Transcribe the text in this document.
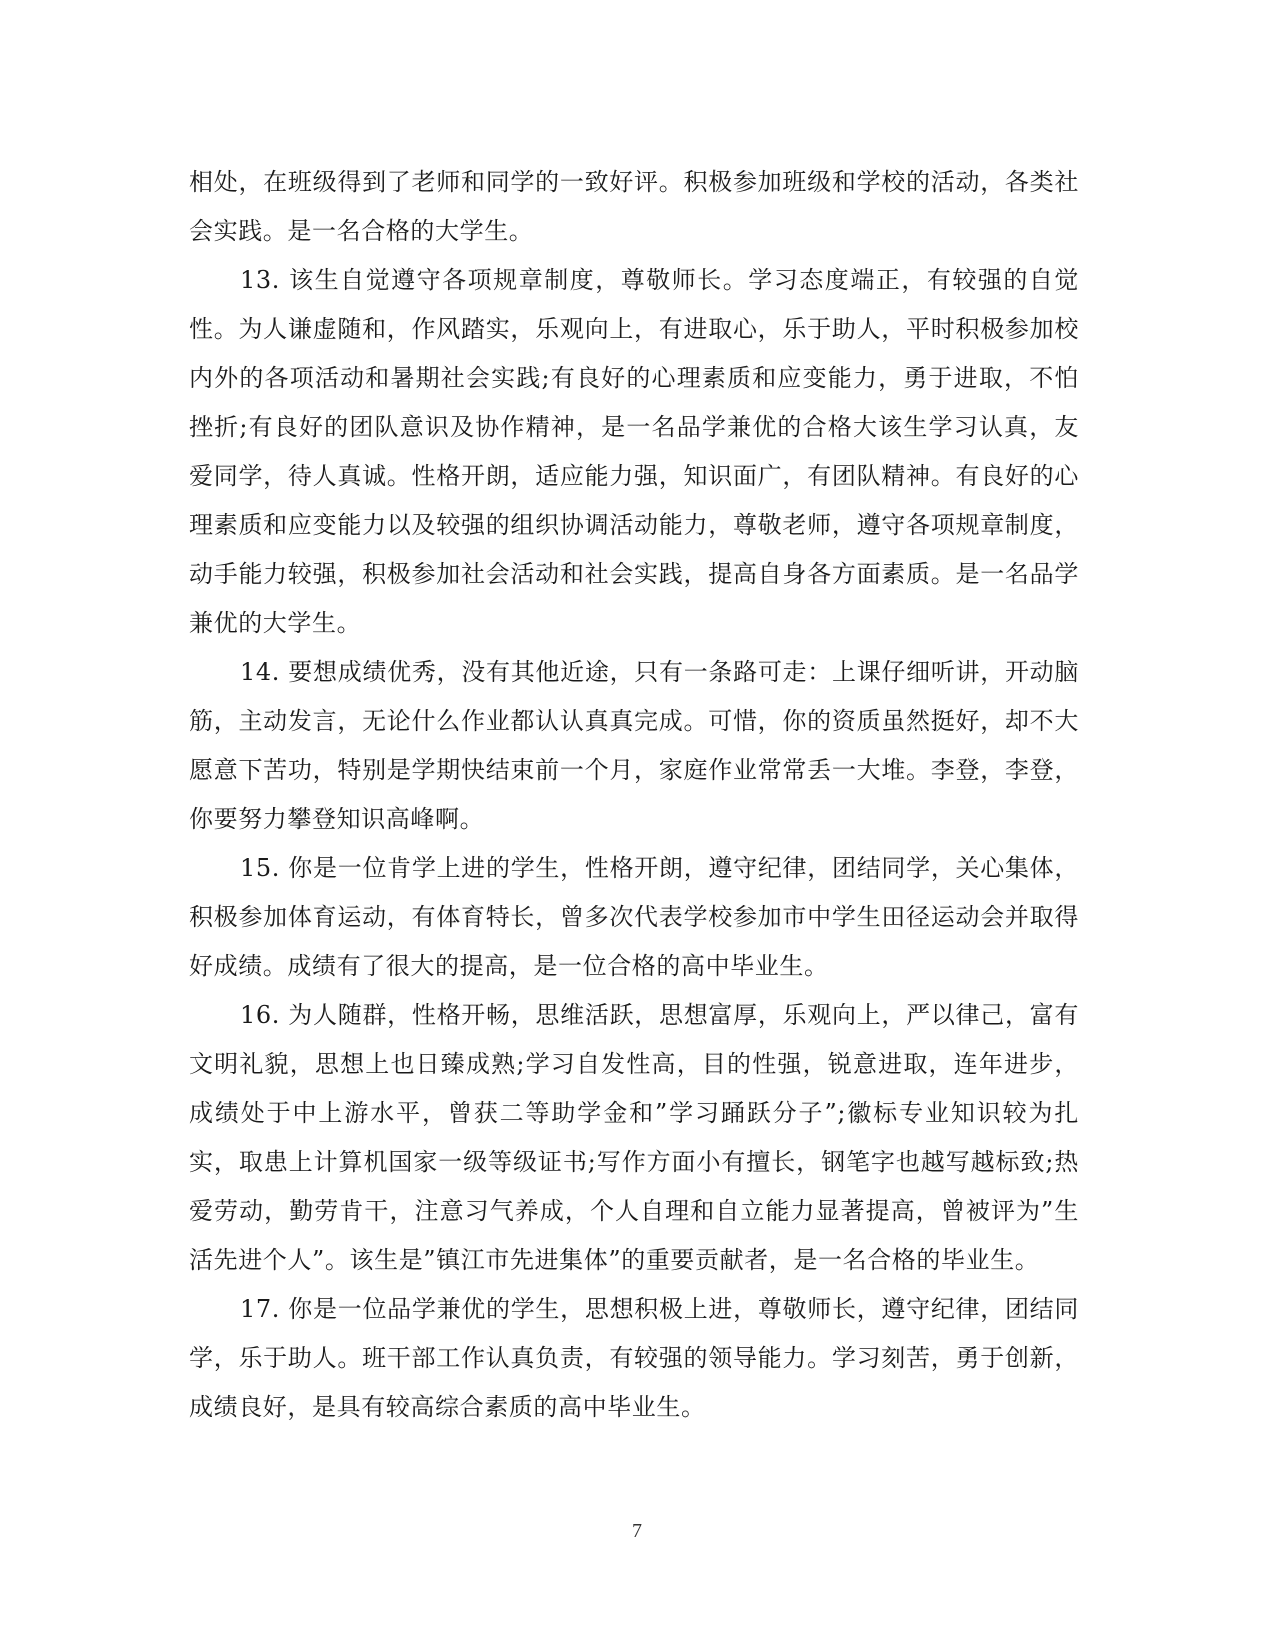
相处，在班级得到了老师和同学的一致好评。积极参加班级和学校的活动，各类社会实践。是一名合格的大学生。

13. 该生自觉遵守各项规章制度，尊敬师长。学习态度端正，有较强的自觉性。为人谦虚随和，作风踏实，乐观向上，有进取心，乐于助人，平时积极参加校内外的各项活动和暑期社会实践;有良好的心理素质和应变能力，勇于进取，不怕挫折;有良好的团队意识及协作精神，是一名品学兼优的合格大该生学习认真，友爱同学，待人真诚。性格开朗，适应能力强，知识面广，有团队精神。有良好的心理素质和应变能力以及较强的组织协调活动能力，尊敬老师，遵守各项规章制度，动手能力较强，积极参加社会活动和社会实践，提高自身各方面素质。是一名品学兼优的大学生。

14. 要想成绩优秀，没有其他近途，只有一条路可走：上课仔细听讲，开动脑筋，主动发言，无论什么作业都认认真真完成。可惜，你的资质虽然挺好，却不大愿意下苦功，特别是学期快结束前一个月，家庭作业常常丢一大堆。李登，李登，你要努力攀登知识高峰啊。

15. 你是一位肯学上进的学生，性格开朗，遵守纪律，团结同学，关心集体，积极参加体育运动，有体育特长，曾多次代表学校参加市中学生田径运动会并取得好成绩。成绩有了很大的提高，是一位合格的高中毕业生。

16. 为人随群，性格开畅，思维活跃，思想富厚，乐观向上，严以律己，富有文明礼貌，思想上也日臻成熟;学习自发性高，目的性强，锐意进取，连年进步，成绩处于中上游水平，曾获二等助学金和”学习踊跃分子”;徽标专业知识较为扎实，取患上计算机国家一级等级证书;写作方面小有擅长，钢笔字也越写越标致;热爱劳动，勤劳肯干，注意习气养成，个人自理和自立能力显著提高，曾被评为”生活先进个人”。该生是”镇江市先进集体”的重要贡献者，是一名合格的毕业生。

17. 你是一位品学兼优的学生，思想积极上进，尊敬师长，遵守纪律，团结同学，乐于助人。班干部工作认真负责，有较强的领导能力。学习刻苦，勇于创新，成绩良好，是具有较高综合素质的高中毕业生。

7
